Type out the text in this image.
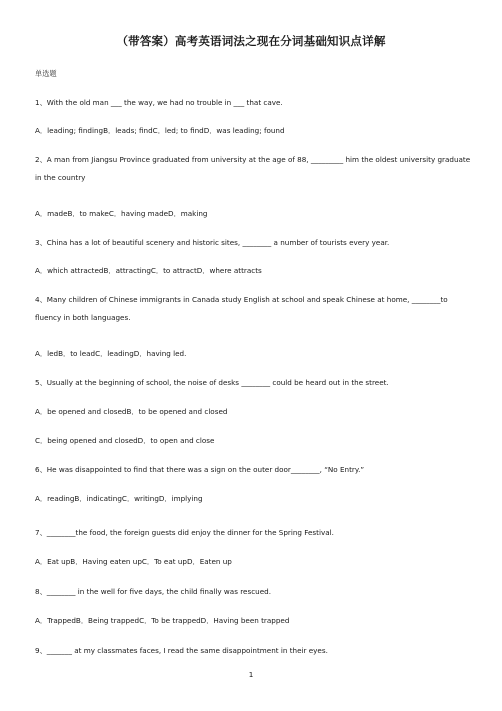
（带答案）高考英语词法之现在分词基础知识点详解
单选题
1、With the old man ___ the way, we had no trouble in ___ that cave.
A．leading; findingB．leads; findC．led; to findD．was leading; found
2、A man from Jiangsu Province graduated from university at the age of 88, _________ him the oldest university graduate in the country
A．madeB．to makeC．having madeD．making
3、China has a lot of beautiful scenery and historic sites, ________ a number of tourists every year.
A．which attractedB．attractingC．to attractD．where attracts
4、Many children of Chinese immigrants in Canada study English at school and speak Chinese at home, ________to fluency in both languages.
A．ledB．to leadC．leadingD．having led.
5、Usually at the beginning of school, the noise of desks ________ could be heard out in the street.
A．be opened and closedB．to be opened and closed
C．being opened and closedD．to open and close
6、He was disappointed to find that there was a sign on the outer door________, “No Entry.”
A．readingB．indicatingC．writingD．implying
7、________the food, the foreign guests did enjoy the dinner for the Spring Festival.
A．Eat upB．Having eaten upC．To eat upD．Eaten up
8、________ in the well for five days, the child finally was rescued.
A．TrappedB．Being trappedC．To be trappedD．Having been trapped
9、_______ at my classmates faces, I read the same disappointment in their eyes.
1
